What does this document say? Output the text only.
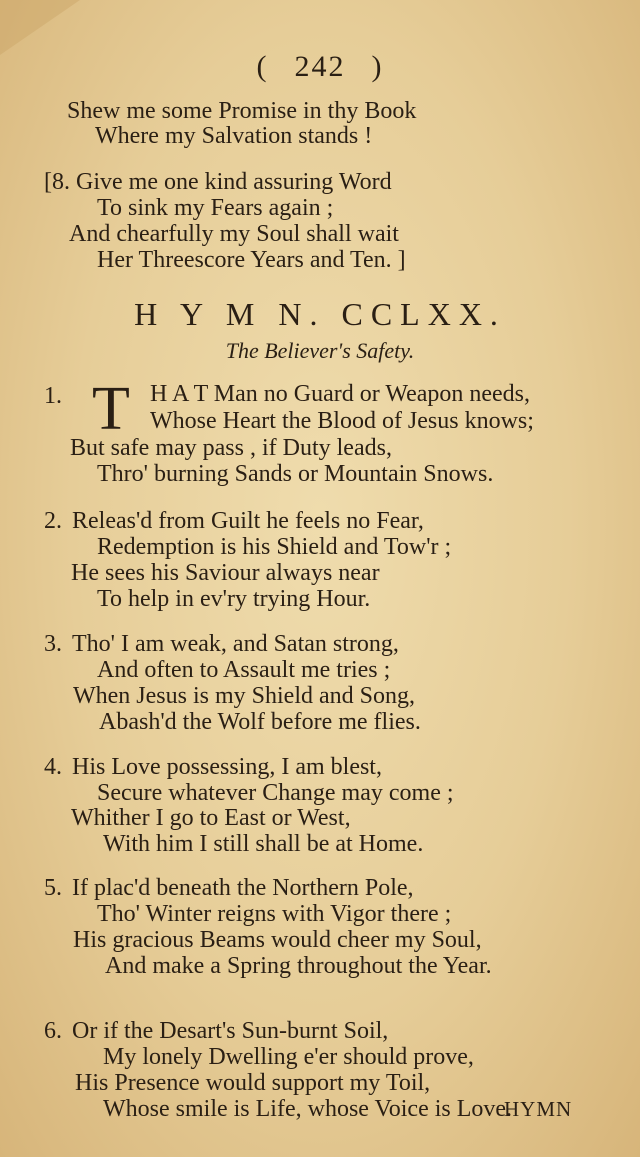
( 242 )
Shew me some Promise in thy Book
Where my Salvation stands !
[8. Give me one kind assuring Word
To sink my Fears again ;
And chearfully my Soul shall wait
Her Threescore Years and Ten. ]
H Y M N. CCLXX.
The Believer's Safety.
1. T H A T Man no Guard or Weapon needs,
Whose Heart the Blood of Jesus knows;
But safe may pass , if Duty leads,
Thro' burning Sands or Mountain Snows.
2. Releas'd from Guilt he feels no Fear,
Redemption is his Shield and Tow'r ;
He sees his Saviour always near
To help in ev'ry trying Hour.
3. Tho' I am weak, and Satan strong,
And often to Assault me tries ;
When Jesus is my Shield and Song,
Abash'd the Wolf before me flies.
4. His Love possessing, I am blest,
Secure whatever Change may come ;
Whither I go to East or West,
With him I still shall be at Home.
5. If plac'd beneath the Northern Pole,
Tho' Winter reigns with Vigor there ;
His gracious Beams would cheer my Soul,
And make a Spring throughout the Year.
6. Or if the Desart's Sun-burnt Soil,
My lonely Dwelling e'er should prove,
His Presence would support my Toil,
Whose smile is Life, whose Voice is Love.
HYMN
